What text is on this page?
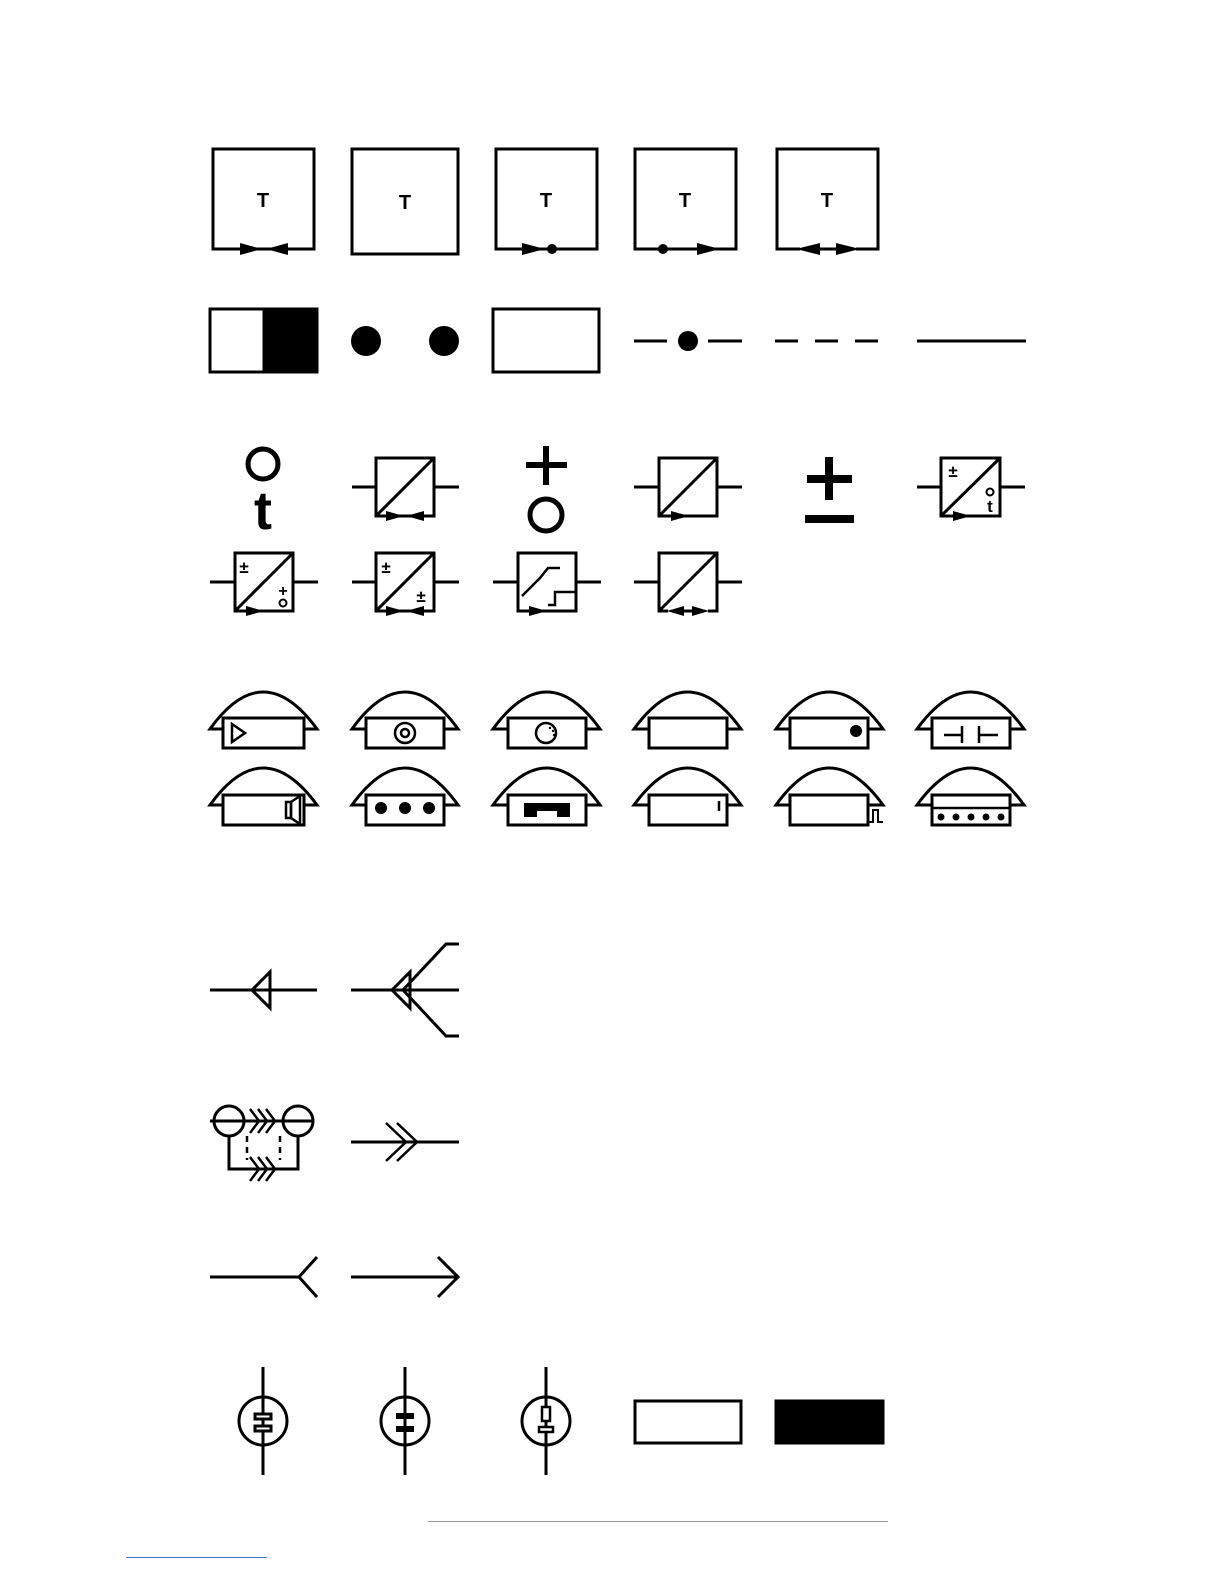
T	T	T	T	T
t
±
t
±
+
±
±
